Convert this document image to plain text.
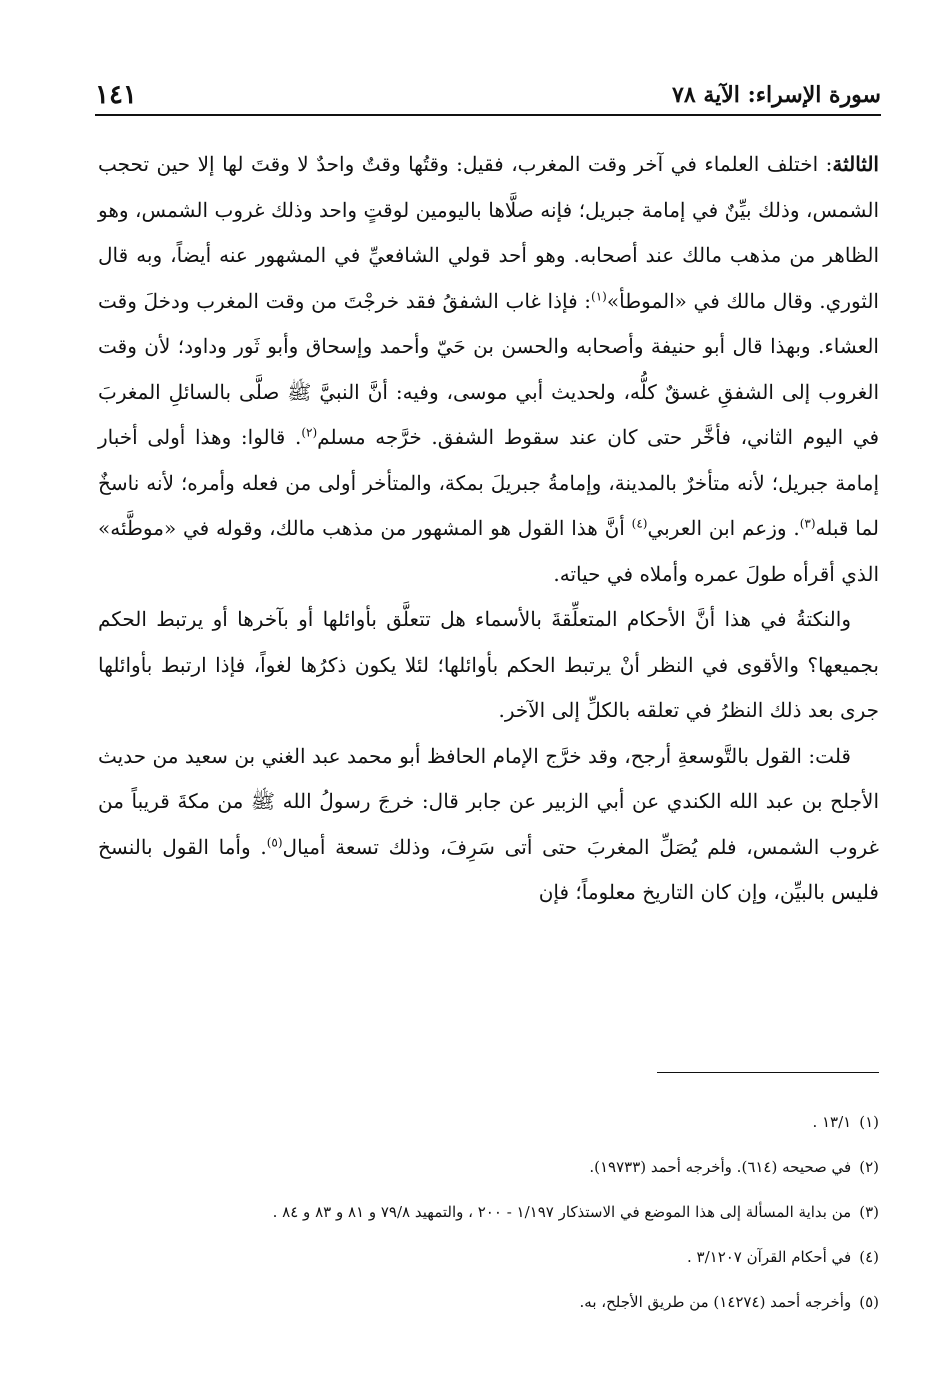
سورة الإسراء: الآية ٧٨
١٤١

الثالثة: اختلف العلماء في آخر وقت المغرب، فقيل: وقتُها وقتٌ واحدٌ لا وقتَ لها إلا حين تحجب الشمس، وذلك بيِّنٌ في إمامة جبريل؛ فإنه صلَّاها باليومين لوقتٍ واحد وذلك غروب الشمس، وهو الظاهر من مذهب مالك عند أصحابه. وهو أحد قولي الشافعيِّ في المشهور عنه أيضاً، وبه قال الثوري. وقال مالك في «الموطأ»$^{(١)}$: فإذا غاب الشفقُ فقد خرجْتَ من وقت المغرب ودخلَ وقت العشاء. وبهذا قال أبو حنيفة وأصحابه والحسن بن حَيّ وأحمد وإسحاق وأبو ثَور وداود؛ لأن وقت الغروب إلى الشفقِ غسقٌ كلُّه، ولحديث أبي موسى، وفيه: أنَّ النبيَّ ﷺ صلَّى بالسائلِ المغربَ في اليوم الثاني، فأخَّر حتى كان عند سقوط الشفق. خرَّجه مسلم$^{(٢)}$. قالوا: وهذا أولى أخبار إمامة جبريل؛ لأنه متأخرٌ بالمدينة، وإمامةُ جبريلَ بمكة، والمتأخر أولى من فعله وأمره؛ لأنه ناسخٌ لما قبله$^{(٣)}$. وزعم ابن العربي$^{(٤)}$ أنَّ هذا القول هو المشهور من مذهب مالك، وقوله في «موطَّئه» الذي أقرأه طولَ عمره وأملاه في حياته.

والنكتةُ في هذا أنَّ الأحكام المتعلِّقةَ بالأسماء هل تتعلَّق بأوائلها أو بآخرها أو يرتبط الحكم بجميعها؟ والأقوى في النظر أنْ يرتبط الحكم بأوائلها؛ لئلا يكون ذكرُها لغواً، فإذا ارتبط بأوائلها جرى بعد ذلك النظرُ في تعلقه بالكلِّ إلى الآخر.

قلت: القول بالتَّوسعةِ أرجح، وقد خرَّج الإمام الحافظ أبو محمد عبد الغني بن سعيد من حديث الأجلح بن عبد الله الكندي عن أبي الزبير عن جابر قال: خرجَ رسولُ الله ﷺ من مكةَ قريباً من غروب الشمس، فلم يُصَلِّ المغربَ حتى أتى سَرِفَ، وذلك تسعة أميال$^{(٥)}$. وأما القول بالنسخ فليس بالبيِّن، وإن كان التاريخ معلوماً؛ فإن

(١)
١٣/١ .
(٢)
في صحيحه (٦١٤). وأخرجه أحمد (١٩٧٣٣).
(٣)
من بداية المسألة إلى هذا الموضع في الاستذكار ١/١٩٧ - ٢٠٠ ، والتمهيد ٧٩/٨ و ٨١ و ٨٣ و ٨٤ .
(٤)
في أحكام القرآن ٣/١٢٠٧ .
(٥)
وأخرجه أحمد (١٤٢٧٤) من طريق الأجلح، به.
